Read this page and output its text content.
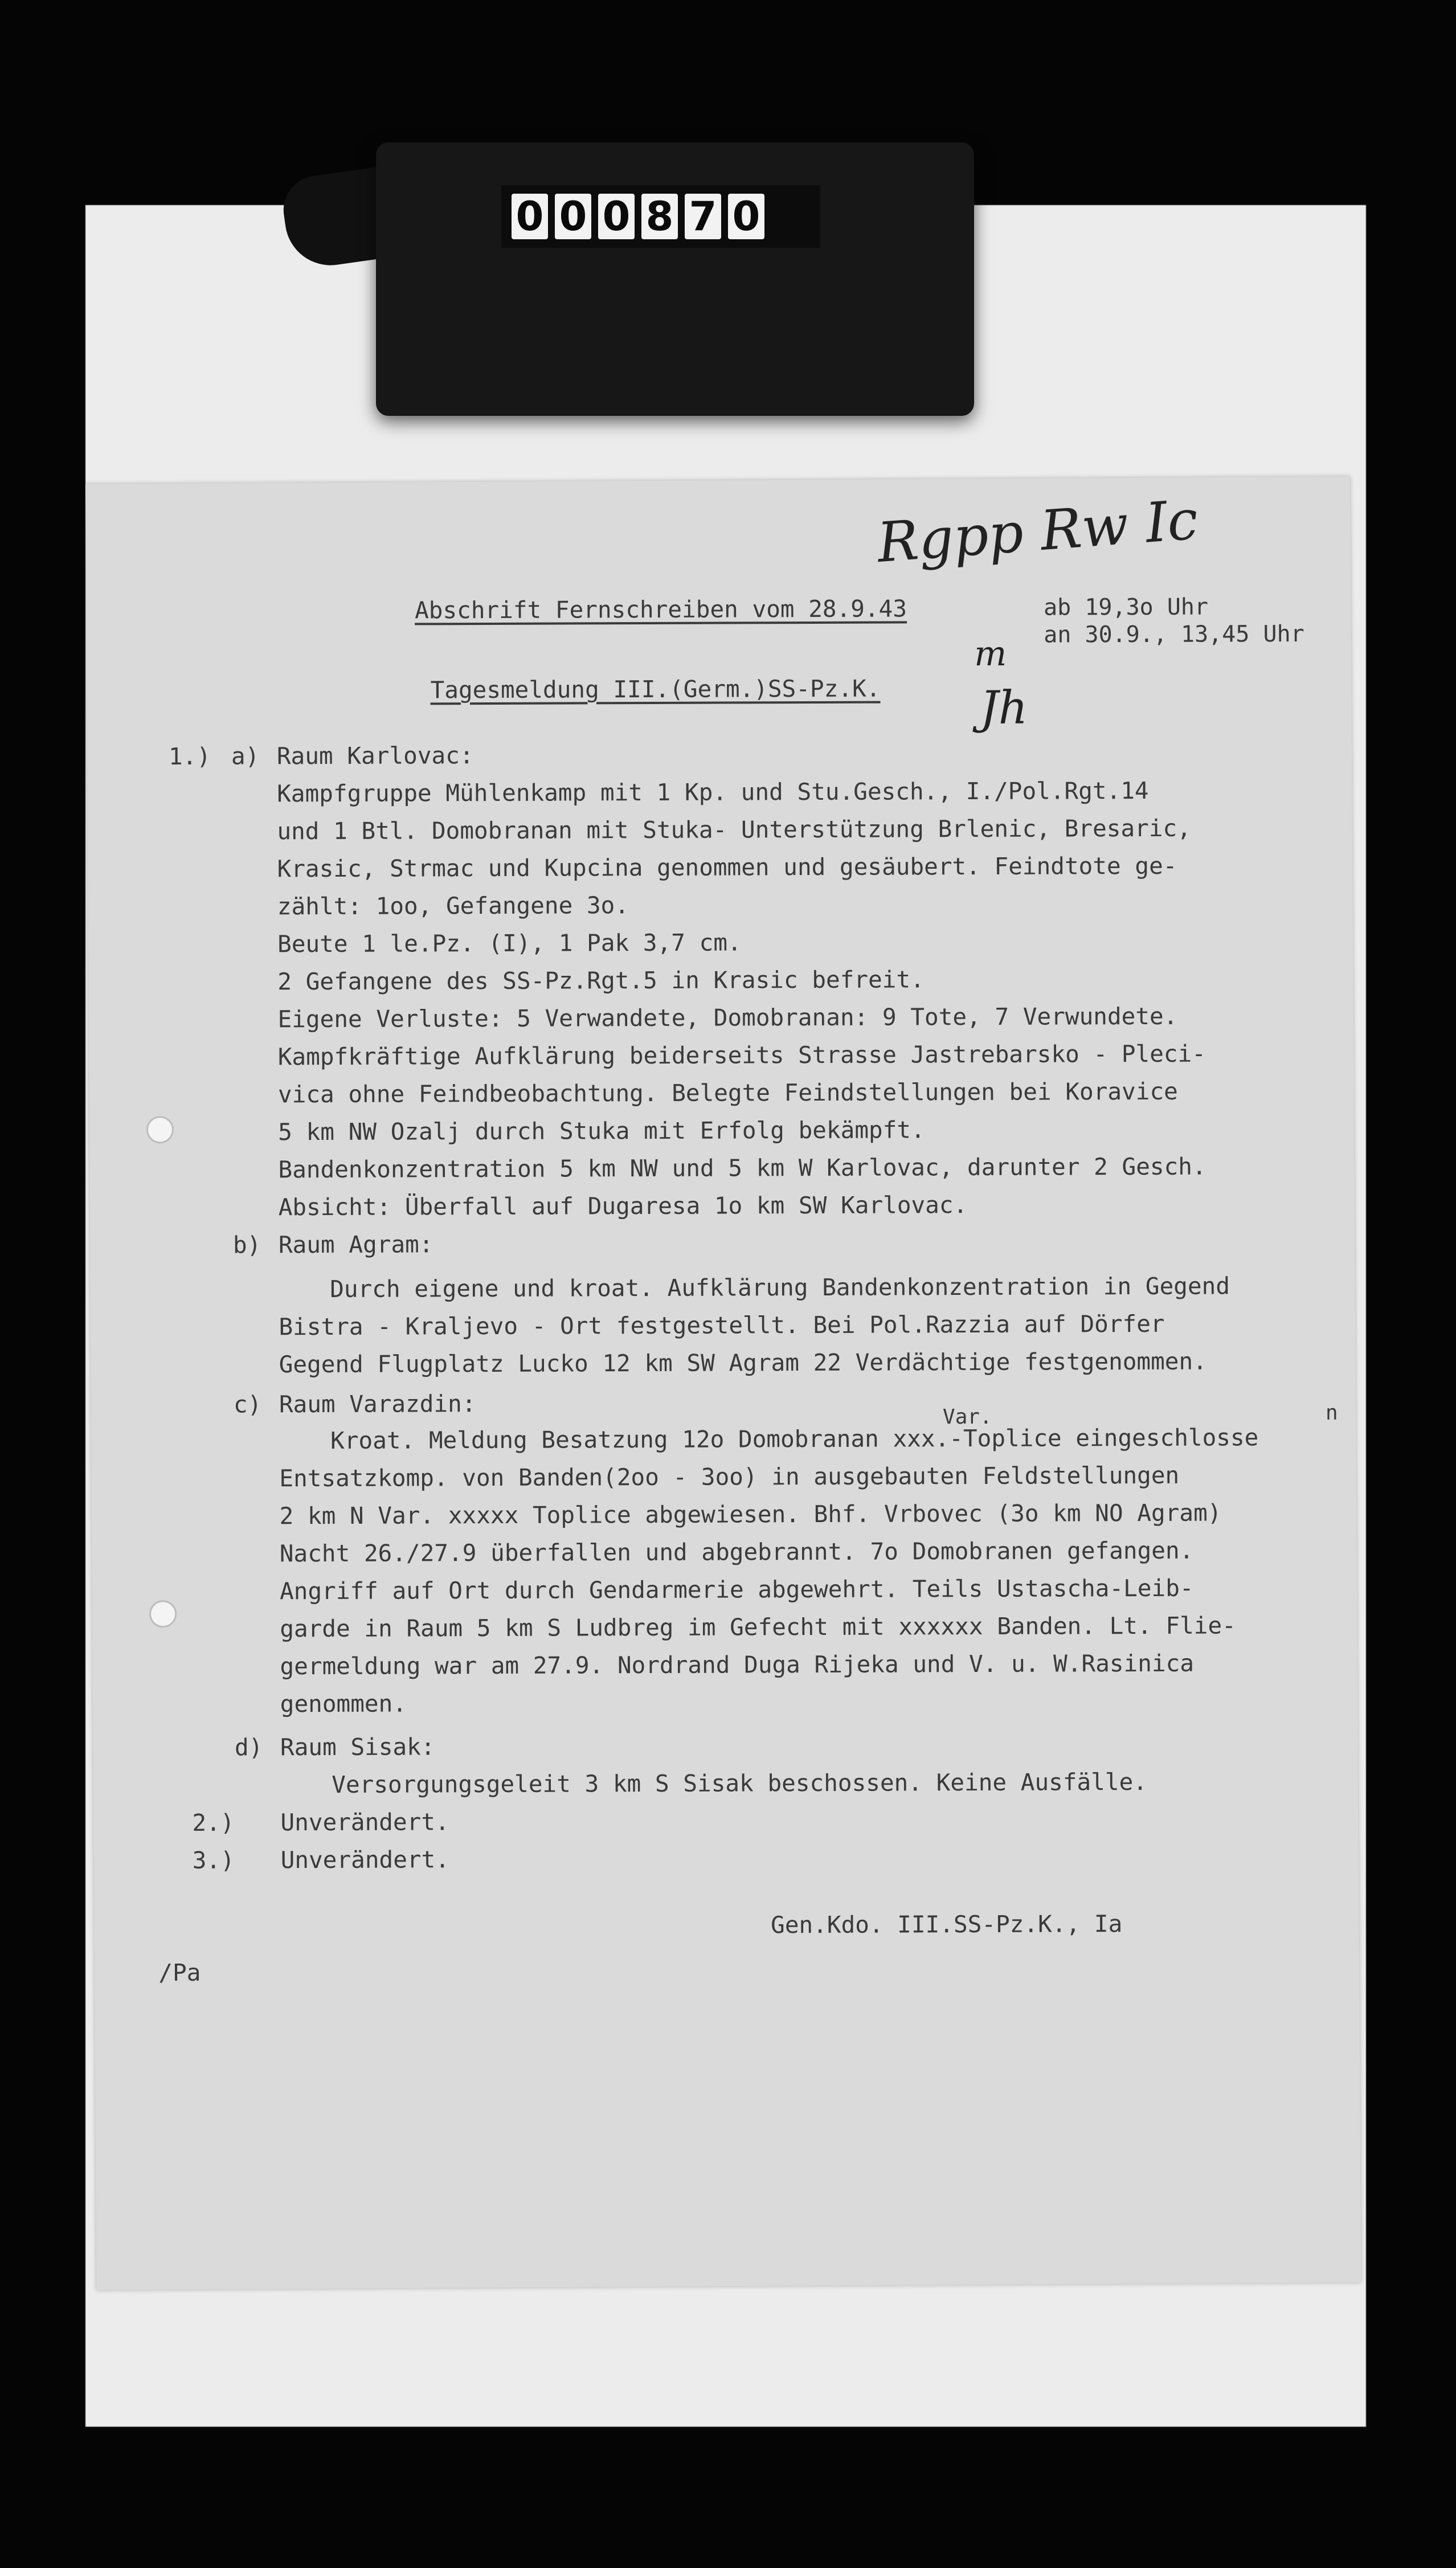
0 0 0 8 7 0
Rgpp Rw Ic
m
Jh
Abschrift Fernschreiben vom 28.9.43	ab 19,3o Uhr
an 30.9., 13,45 Uhr
Tagesmeldung III.(Germ.)SS-Pz.K.
1.) a) Raum Karlovac:
Kampfgruppe Mühlenkamp mit 1 Kp. und Stu.Gesch., I./Pol.Rgt.14
und 1 Btl. Domobranan mit Stuka- Unterstützung Brlenic, Bresaric,
Krasic, Strmac und Kupcina genommen und gesäubert. Feindtote ge-
zählt: 1oo, Gefangene 3o.
Beute 1 le.Pz. (I), 1 Pak 3,7 cm.
2 Gefangene des SS-Pz.Rgt.5 in Krasic befreit.
Eigene Verluste: 5 Verwandete, Domobranan: 9 Tote, 7 Verwundete.
Kampfkräftige Aufklärung beiderseits Strasse Jastrebarsko - Pleci-
vica ohne Feindbeobachtung. Belegte Feindstellungen bei Koravice
5 km NW Ozalj durch Stuka mit Erfolg bekämpft.
Bandenkonzentration 5 km NW und 5 km W Karlovac, darunter 2 Gesch.
Absicht: Überfall auf Dugaresa 1o km SW Karlovac.
b) Raum Agram:
Durch eigene und kroat. Aufklärung Bandenkonzentration in Gegend
Bistra - Kraljevo - Ort festgestellt. Bei Pol.Razzia auf Dörfer
Gegend Flugplatz Lucko 12 km SW Agram 22 Verdächtige festgenommen.
c) Raum Varazdin:	Var.	n
Kroat. Meldung Besatzung 12o Domobranan xxx.-Toplice eingeschlosse
Entsatzkomp. von Banden(2oo - 3oo) in ausgebauten Feldstellungen
2 km N Var. xxxxx Toplice abgewiesen. Bhf. Vrbovec (3o km NO Agram)
Nacht 26./27.9 überfallen und abgebrannt. 7o Domobranen gefangen.
Angriff auf Ort durch Gendarmerie abgewehrt. Teils Ustascha-Leib-
garde in Raum 5 km S Ludbreg im Gefecht mit xxxxxx Banden. Lt. Flie-
germeldung war am 27.9. Nordrand Duga Rijeka und V. u. W.Rasinica
genommen.
d) Raum Sisak:
Versorgungsgeleit 3 km S Sisak beschossen. Keine Ausfälle.
2.) Unverändert.
3.) Unverändert.
Gen.Kdo. III.SS-Pz.K., Ia
/Pa
